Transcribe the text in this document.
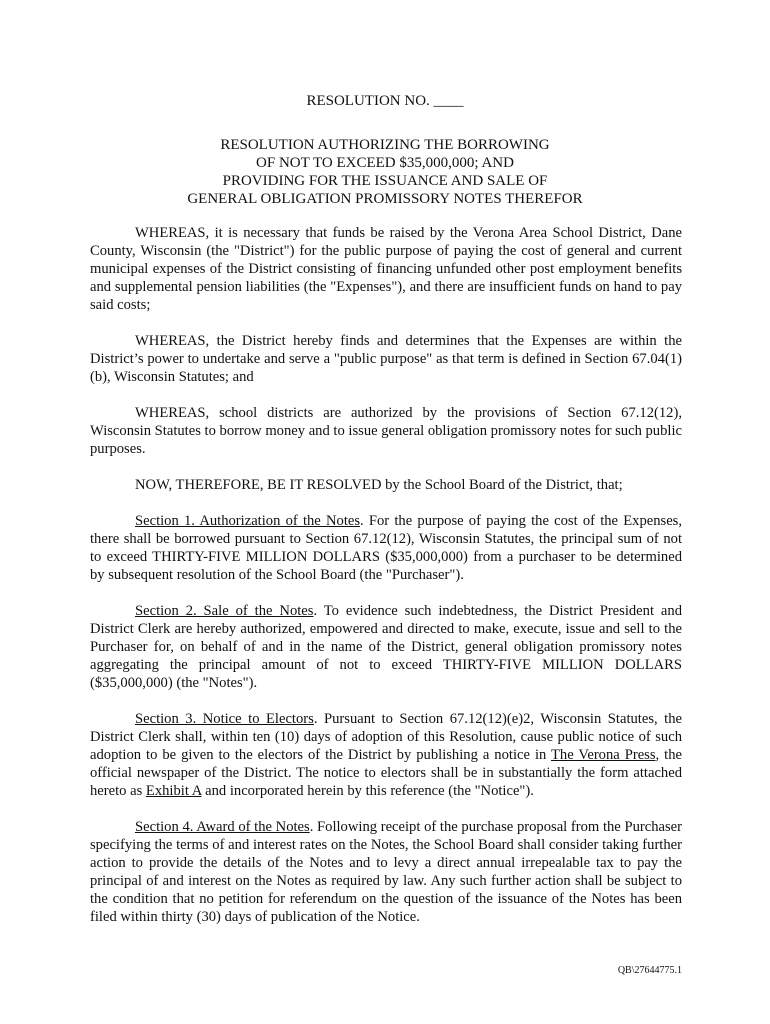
RESOLUTION NO. ____
RESOLUTION AUTHORIZING THE BORROWING
OF NOT TO EXCEED $35,000,000; AND
PROVIDING FOR THE ISSUANCE AND SALE OF
GENERAL OBLIGATION PROMISSORY NOTES THEREFOR

WHEREAS, it is necessary that funds be raised by the Verona Area School District, Dane County, Wisconsin (the "District") for the public purpose of paying the cost of general and current municipal expenses of the District consisting of financing unfunded other post employment benefits and supplemental pension liabilities (the "Expenses"), and there are insufficient funds on hand to pay said costs;

WHEREAS, the District hereby finds and determines that the Expenses are within the District’s power to undertake and serve a "public purpose" as that term is defined in Section 67.04(1)(b), Wisconsin Statutes; and

WHEREAS, school districts are authorized by the provisions of Section 67.12(12), Wisconsin Statutes to borrow money and to issue general obligation promissory notes for such public purposes.

NOW, THEREFORE, BE IT RESOLVED by the School Board of the District, that;

Section 1. Authorization of the Notes. For the purpose of paying the cost of the Expenses, there shall be borrowed pursuant to Section 67.12(12), Wisconsin Statutes, the principal sum of not to exceed THIRTY-FIVE MILLION DOLLARS ($35,000,000) from a purchaser to be determined by subsequent resolution of the School Board (the "Purchaser").

Section 2. Sale of the Notes. To evidence such indebtedness, the District President and District Clerk are hereby authorized, empowered and directed to make, execute, issue and sell to the Purchaser for, on behalf of and in the name of the District, general obligation promissory notes aggregating the principal amount of not to exceed THIRTY-FIVE MILLION DOLLARS ($35,000,000) (the "Notes").

Section 3. Notice to Electors. Pursuant to Section 67.12(12)(e)2, Wisconsin Statutes, the District Clerk shall, within ten (10) days of adoption of this Resolution, cause public notice of such adoption to be given to the electors of the District by publishing a notice in The Verona Press, the official newspaper of the District. The notice to electors shall be in substantially the form attached hereto as Exhibit A and incorporated herein by this reference (the "Notice").

Section 4. Award of the Notes. Following receipt of the purchase proposal from the Purchaser specifying the terms of and interest rates on the Notes, the School Board shall consider taking further action to provide the details of the Notes and to levy a direct annual irrepealable tax to pay the principal of and interest on the Notes as required by law. Any such further action shall be subject to the condition that no petition for referendum on the question of the issuance of the Notes has been filed within thirty (30) days of publication of the Notice.

QB\27644775.1
